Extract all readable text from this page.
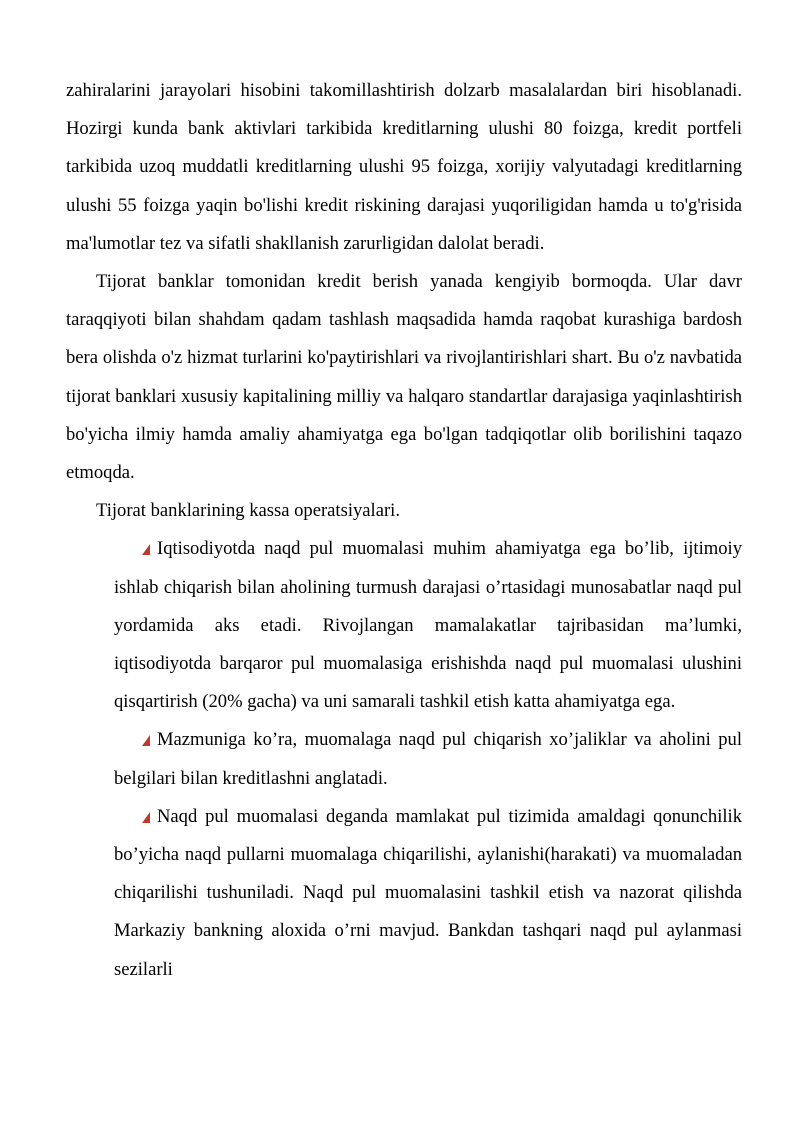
zahiralarini jarayolari hisobini takomillashtirish dolzarb masalalardan biri hisoblanadi. Hozirgi kunda bank aktivlari tarkibida kreditlarning ulushi 80 foizga, kredit portfeli tarkibida uzoq muddatli kreditlarning ulushi 95 foizga, xorijiy valyutadagi kreditlarning ulushi 55 foizga yaqin bo'lishi kredit riskining darajasi yuqoriligidan hamda u to'g'risida ma'lumotlar tez va sifatli shakllanish zarurligidan dalolat beradi.

Tijorat banklar tomonidan kredit berish yanada kengiyib bormoqda. Ular davr taraqqiyoti bilan shahdam qadam tashlash maqsadida hamda raqobat kurashiga bardosh bera olishda o'z hizmat turlarini ko'paytirishlari va rivojlantirishlari shart. Bu o'z navbatida tijorat banklari xususiy kapitalining milliy va halqaro standartlar darajasiga yaqinlashtirish bo'yicha ilmiy hamda amaliy ahamiyatga ega bo'lgan tadqiqotlar olib borilishini taqazo etmoqda.

Tijorat banklarining kassa operatsiyalari.

Iqtisodiyotda naqd pul muomalasi muhim ahamiyatga ega bo’lib, ijtimoiy ishlab chiqarish bilan aholining turmush darajasi o’rtasidagi munosabatlar naqd pul yordamida aks etadi. Rivojlangan mamalakatlar tajribasidan ma’lumki, iqtisodiyotda barqaror pul muomalasiga erishishda naqd pul muomalasi ulushini qisqartirish (20% gacha) va uni samarali tashkil etish katta ahamiyatga ega.
Mazmuniga ko’ra, muomalaga naqd pul chiqarish xo’jaliklar va aholini pul belgilari bilan kreditlashni anglatadi.
Naqd pul muomalasi deganda mamlakat pul tizimida amaldagi qonunchilik bo’yicha naqd pullarni muomalaga chiqarilishi, aylanishi(harakati) va muomaladan chiqarilishi tushuniladi. Naqd pul muomalasini tashkil etish va nazorat qilishda Markaziy bankning aloxida o’rni mavjud. Bankdan tashqari naqd pul aylanmasi sezilarli
